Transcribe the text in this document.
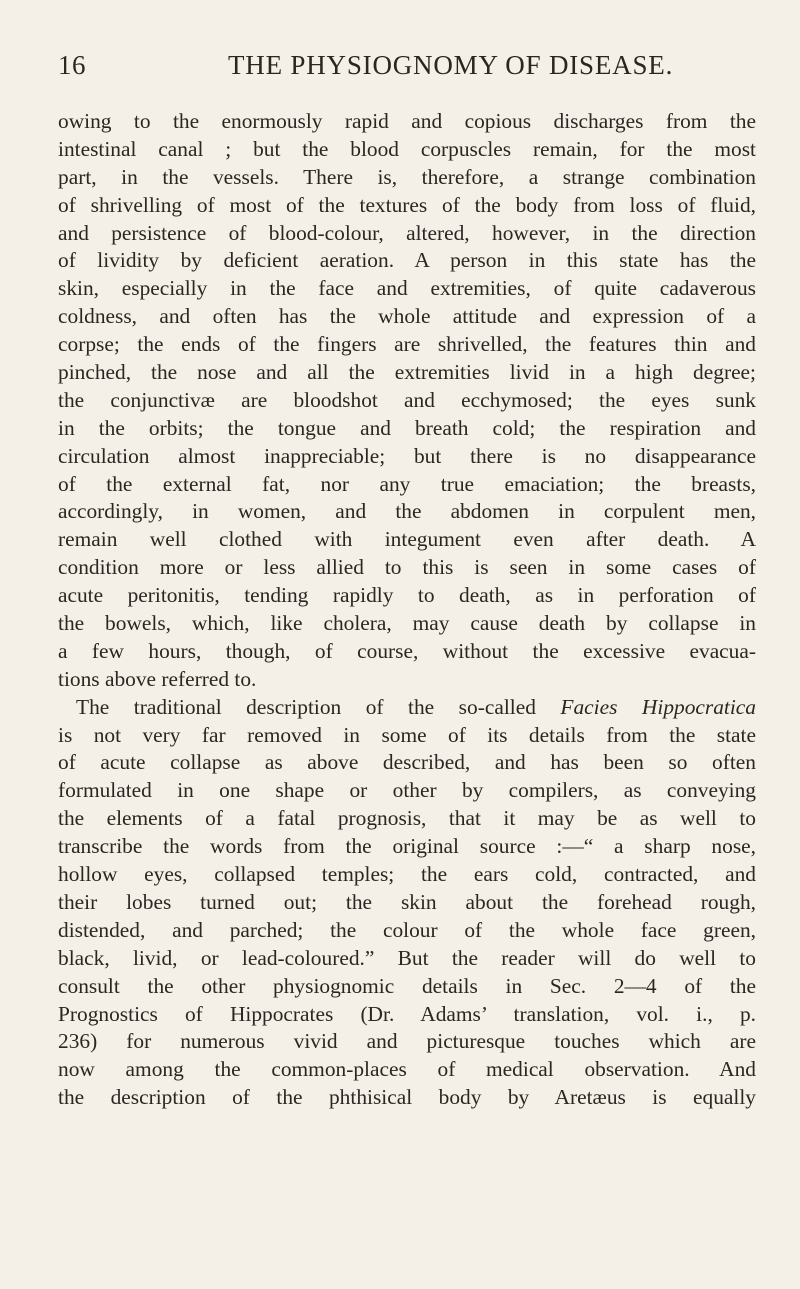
16	THE PHYSIOGNOMY OF DISEASE.
owing to the enormously rapid and copious discharges from the
intestinal canal ; but the blood corpuscles remain, for the most
part, in the vessels. There is, therefore, a strange combination
of shrivelling of most of the textures of the body from loss of fluid,
and persistence of blood-colour, altered, however, in the direction
of lividity by deficient aeration. A person in this state has the
skin, especially in the face and extremities, of quite cadaverous
coldness, and often has the whole attitude and expression of a
corpse; the ends of the fingers are shrivelled, the features thin and
pinched, the nose and all the extremities livid in a high degree;
the conjunctivæ are bloodshot and ecchymosed; the eyes sunk
in the orbits; the tongue and breath cold; the respiration and
circulation almost inappreciable; but there is no disappearance
of the external fat, nor any true emaciation; the breasts,
accordingly, in women, and the abdomen in corpulent men,
remain well clothed with integument even after death. A
condition more or less allied to this is seen in some cases of
acute peritonitis, tending rapidly to death, as in perforation of
the bowels, which, like cholera, may cause death by collapse in
a few hours, though, of course, without the excessive evacua-
tions above referred to.
The traditional description of the so-called Facies Hippocratica
is not very far removed in some of its details from the state
of acute collapse as above described, and has been so often
formulated in one shape or other by compilers, as conveying
the elements of a fatal prognosis, that it may be as well to
transcribe the words from the original source :—“ a sharp nose,
hollow eyes, collapsed temples; the ears cold, contracted, and
their lobes turned out; the skin about the forehead rough,
distended, and parched; the colour of the whole face green,
black, livid, or lead-coloured.” But the reader will do well to
consult the other physiognomic details in Sec. 2—4 of the
Prognostics of Hippocrates (Dr. Adams’ translation, vol. i., p.
236) for numerous vivid and picturesque touches which are
now among the common-places of medical observation. And
the description of the phthisical body by Aretæus is equally
